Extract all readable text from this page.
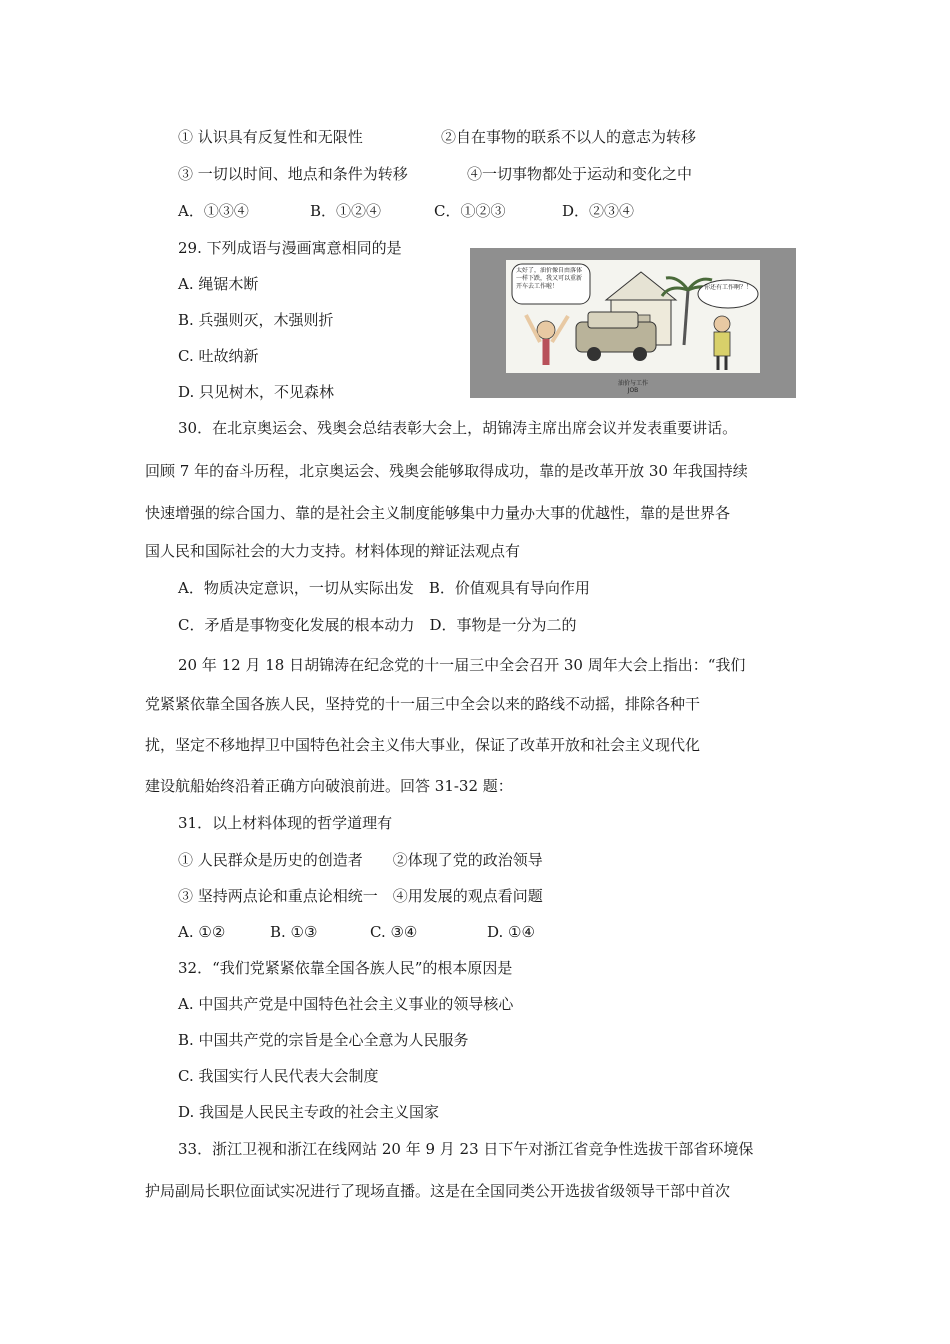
① 认识具有反复性和无限性	②自在事物的联系不以人的意志为转移
③ 一切以时间、地点和条件为转移	④一切事物都处于运动和变化之中
A．①③④	B．①②④	C．①②③	D．②③④
29. 下列成语与漫画寓意相同的是
A. 绳锯木断
B. 兵强则灭，木强则折
C. 吐故纳新
D. 只见树木，不见森林
太好了，油价像自由落体一样下跌，我又可以重新开车去工作啦！	你还有工作啊？！
油价与工作
JOB
30．在北京奥运会、残奥会总结表彰大会上，胡锦涛主席出席会议并发表重要讲话。
回顾 7 年的奋斗历程，北京奥运会、残奥会能够取得成功，靠的是改革开放 30 年我国持续
快速增强的综合国力、靠的是社会主义制度能够集中力量办大事的优越性，靠的是世界各
国人民和国际社会的大力支持。材料体现的辩证法观点有
A．物质决定意识，一切从实际出发　B．价值观具有导向作用
C．矛盾是事物变化发展的根本动力　D．事物是一分为二的
20 年 12 月 18 日胡锦涛在纪念党的十一届三中全会召开 30 周年大会上指出：“我们
党紧紧依靠全国各族人民，坚持党的十一届三中全会以来的路线不动摇，排除各种干
扰，坚定不移地捍卫中国特色社会主义伟大事业，保证了改革开放和社会主义现代化
建设航船始终沿着正确方向破浪前进。回答 31-32 题：
31．以上材料体现的哲学道理有
① 人民群众是历史的创造者　　②体现了党的政治领导
③ 坚持两点论和重点论相统一　④用发展的观点看问题
A. ①②	B. ①③	C. ③④	D. ①④
32．“我们党紧紧依靠全国各族人民”的根本原因是
A. 中国共产党是中国特色社会主义事业的领导核心
B. 中国共产党的宗旨是全心全意为人民服务
C. 我国实行人民代表大会制度
D. 我国是人民民主专政的社会主义国家
33．浙江卫视和浙江在线网站 20 年 9 月 23 日下午对浙江省竞争性选拔干部省环境保
护局副局长职位面试实况进行了现场直播。这是在全国同类公开选拔省级领导干部中首次
